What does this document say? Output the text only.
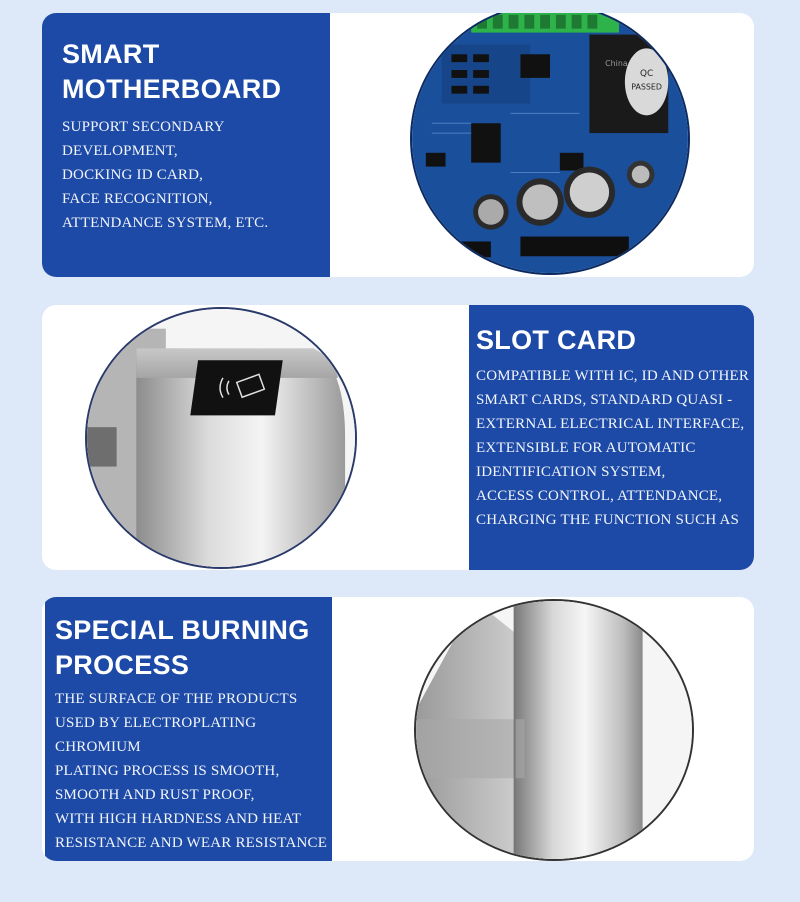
SMART
MOTHERBOARD

SUPPORT SECONDARY DEVELOPMENT,
DOCKING ID CARD,
FACE RECOGNITION,
ATTENDANCE SYSTEM, ETC.

QC
PASSED
China
SLOT CARD

COMPATIBLE WITH IC, ID AND OTHER
SMART CARDS, STANDARD QUASI -
EXTERNAL ELECTRICAL INTERFACE,
EXTENSIBLE FOR AUTOMATIC
IDENTIFICATION SYSTEM,
ACCESS CONTROL, ATTENDANCE,
CHARGING THE FUNCTION SUCH AS

SPECIAL BURNING
PROCESS

THE SURFACE OF THE PRODUCTS
USED BY ELECTROPLATING CHROMIUM
PLATING PROCESS IS SMOOTH,
SMOOTH AND RUST PROOF,
WITH HIGH HARDNESS AND HEAT
RESISTANCE AND WEAR RESISTANCE
